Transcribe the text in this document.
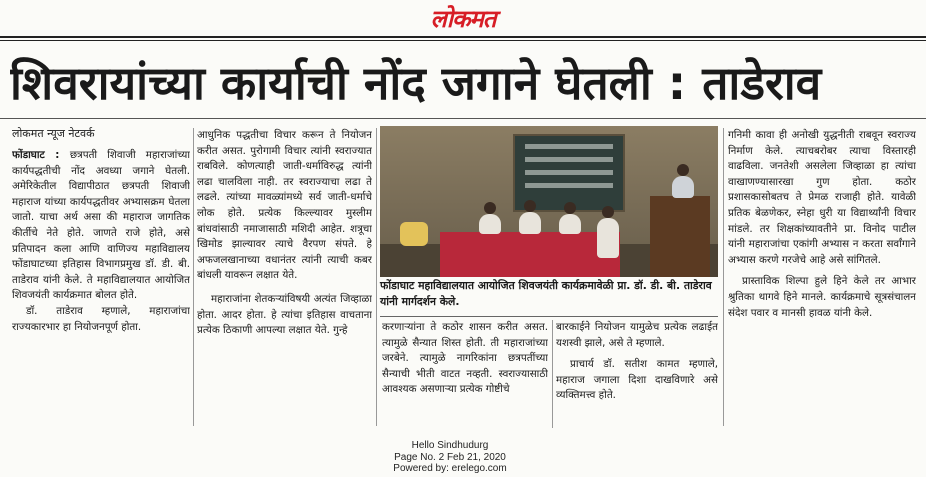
लोकमत
शिवरायांच्या कार्याची नोंद जगाने घेतली : ताडेराव
लोकमत न्यूज नेटवर्क

फोंडाघाट : छत्रपती शिवाजी महाराजांच्या कार्यपद्धतीची नोंद अवध्या जगाने घेतली. अमेरिकेतील विद्यापीठात छत्रपती शिवाजी महाराज यांच्या कार्यपद्धतीवर अभ्यासक्रम घेतला जातो. याचा अर्थ असा की महाराज जागतिक कीर्तीचे नेते होते. जाणते राजे होते, असे प्रतिपादन कला आणि वाणिज्य महाविद्यालय फोंडाघाटच्या इतिहास विभागप्रमुख डॉ. डी. बी. ताडेराव यांनी केले. ते महाविद्यालयात आयोजित शिवजयंती कार्यक्रमात बोलत होते.

डॉ. ताडेराव म्हणाले, महाराजांचा राज्यकारभार हा नियोजनपूर्ण होता.

आधुनिक पद्धतीचा विचार करून ते नियोजन करीत असत. पुरोगामी विचार त्यांनी स्वराज्यात राबविले. कोणत्याही जाती-धर्माविरुद्ध त्यांनी लढा चालविला नाही. तर स्वराज्याचा लढा ते लढले. त्यांच्या मावळ्यांमध्ये सर्व जाती-धर्माचे लोक होते. प्रत्येक किल्ल्यावर मुस्लीम बांधवांसाठी नमाजासाठी मशिदी आहेत. शत्रूचा खिमोड झाल्यावर त्याचे वैरपण संपते. हे अफजलखानाच्या वधानंतर त्यांनी त्याची कबर बांधली यावरून लक्षात येते.

महाराजांना शेतकऱ्यांविषयी अत्यंत जिव्हाळा होता. आदर होता. हे त्यांचा इतिहास वाचताना प्रत्येक ठिकाणी आपल्या लक्षात येते. गुन्हे

फोंडाघाट महाविद्यालयात आयोजित शिवजयंती कार्यक्रमावेळी प्रा. डॉ. डी. बी. ताडेराव यांनी मार्गदर्शन केले.

करणाऱ्यांना ते कठोर शासन करीत असत. त्यामुळे सैन्यात शिस्त होती. ती महाराजांच्या जरबेने. त्यामुळे नागरिकांना छत्रपतींच्या सैन्याची भीती वाटत नव्हती. स्वराज्यासाठी आवश्यक असणाऱ्या प्रत्येक गोष्टीचे

बारकाईने नियोजन यामुळेच प्रत्येक लढाईत यशस्वी झाले, असे ते म्हणाले.

प्राचार्य डॉ. सतीश कामत म्हणाले, महाराज जगाला दिशा दाखविणारे असे व्यक्तिमत्त्व होते.

गनिमी कावा ही अनोखी युद्धनीती राबवून स्वराज्य निर्माण केले. त्याचबरोबर त्याचा विस्तारही वाढविला. जनतेशी असलेला जिव्हाळा हा त्यांचा वाखाणण्यासारखा गुण होता. कठोर प्रशासकासोबतच ते प्रेमळ राजाही होते. यावेळी प्रतिक बेळणेकर, स्नेहा धुरी या विद्यार्थ्यांनी विचार मांडले. तर शिक्षकांच्यावतीने प्रा. विनोद पाटील यांनी महाराजांचा एकांगी अभ्यास न करता सर्वांगाने अभ्यास करणे गरजेचे आहे असे सांगितले.

प्रास्ताविक शिल्पा हुले हिने केले तर आभार श्रुतिका थागवे हिने मानले. कार्यक्रमाचे सूत्रसंचालन संदेश पवार व मानसी हावळ यांनी केले.

Hello Sindhudurg
Page No. 2 Feb 21, 2020
Powered by: erelego.com
